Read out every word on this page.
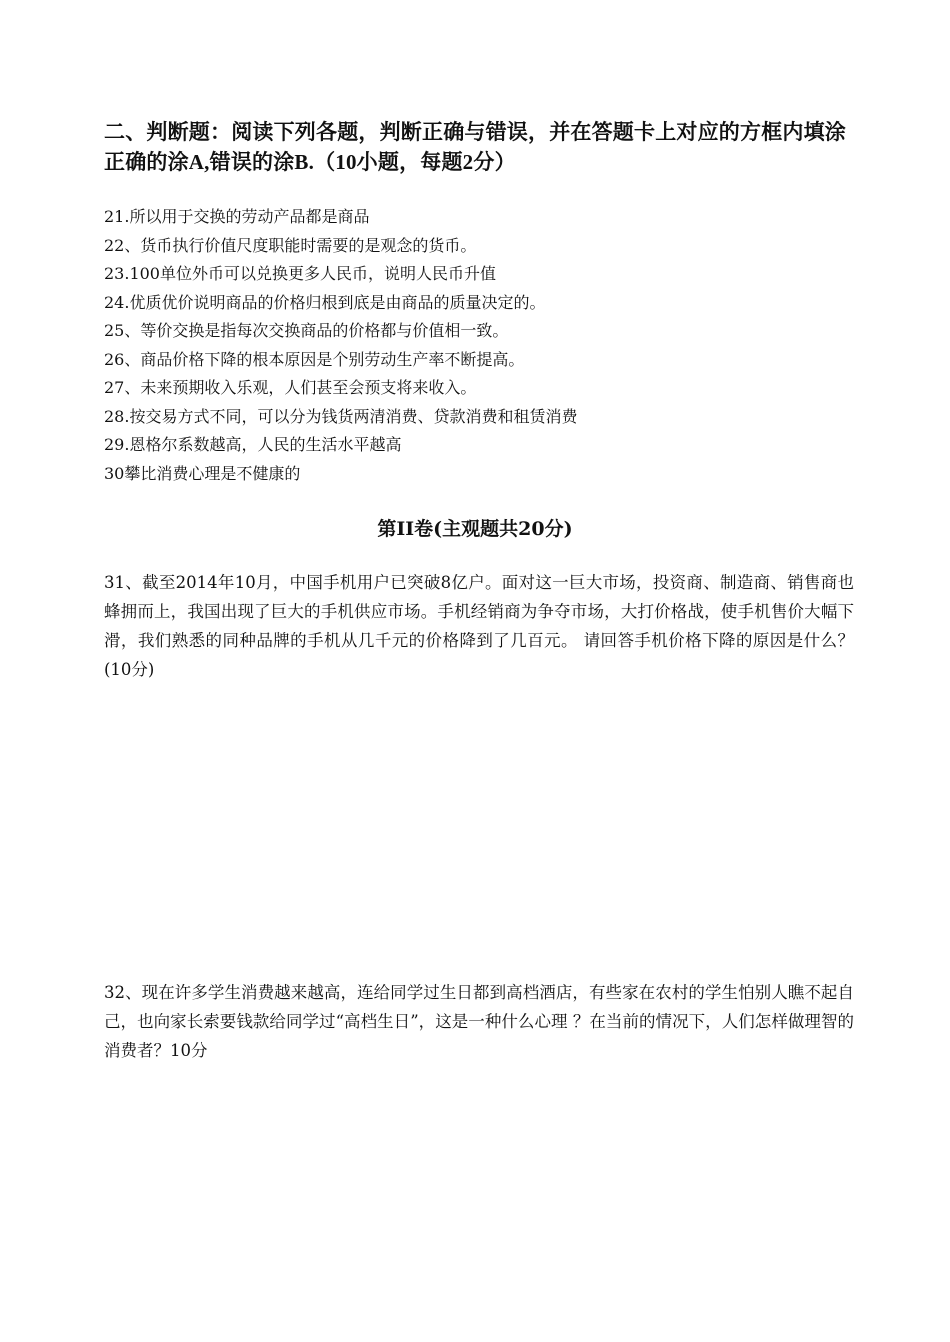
二、判断题：阅读下列各题，判断正确与错误，并在答题卡上对应的方框内填涂正确的涂A,错误的涂B.（10小题，每题2分）
21.所以用于交换的劳动产品都是商品
22、货币执行价值尺度职能时需要的是观念的货币。
23.100单位外币可以兑换更多人民币，说明人民币升值
24.优质优价说明商品的价格归根到底是由商品的质量决定的。
25、等价交换是指每次交换商品的价格都与价值相一致。
26、商品价格下降的根本原因是个别劳动生产率不断提高。
27、未来预期收入乐观，人们甚至会预支将来收入。
28.按交易方式不同，可以分为钱货两清消费、贷款消费和租赁消费
29.恩格尔系数越高，人民的生活水平越高
30攀比消费心理是不健康的
第II卷(主观题共20分)
31、截至2014年10月，中国手机用户已突破8亿户。面对这一巨大市场，投资商、制造商、销售商也蜂拥而上，我国出现了巨大的手机供应市场。手机经销商为争夺市场，大打价格战，使手机售价大幅下滑，我们熟悉的同种品牌的手机从几千元的价格降到了几百元。 请回答手机价格下降的原因是什么？(10分)
32、现在许多学生消费越来越高，连给同学过生日都到高档酒店，有些家在农村的学生怕别人瞧不起自己，也向家长索要钱款给同学过“高档生日”，这是一种什么心理 ？在当前的情况下，人们怎样做理智的消费者？10分
